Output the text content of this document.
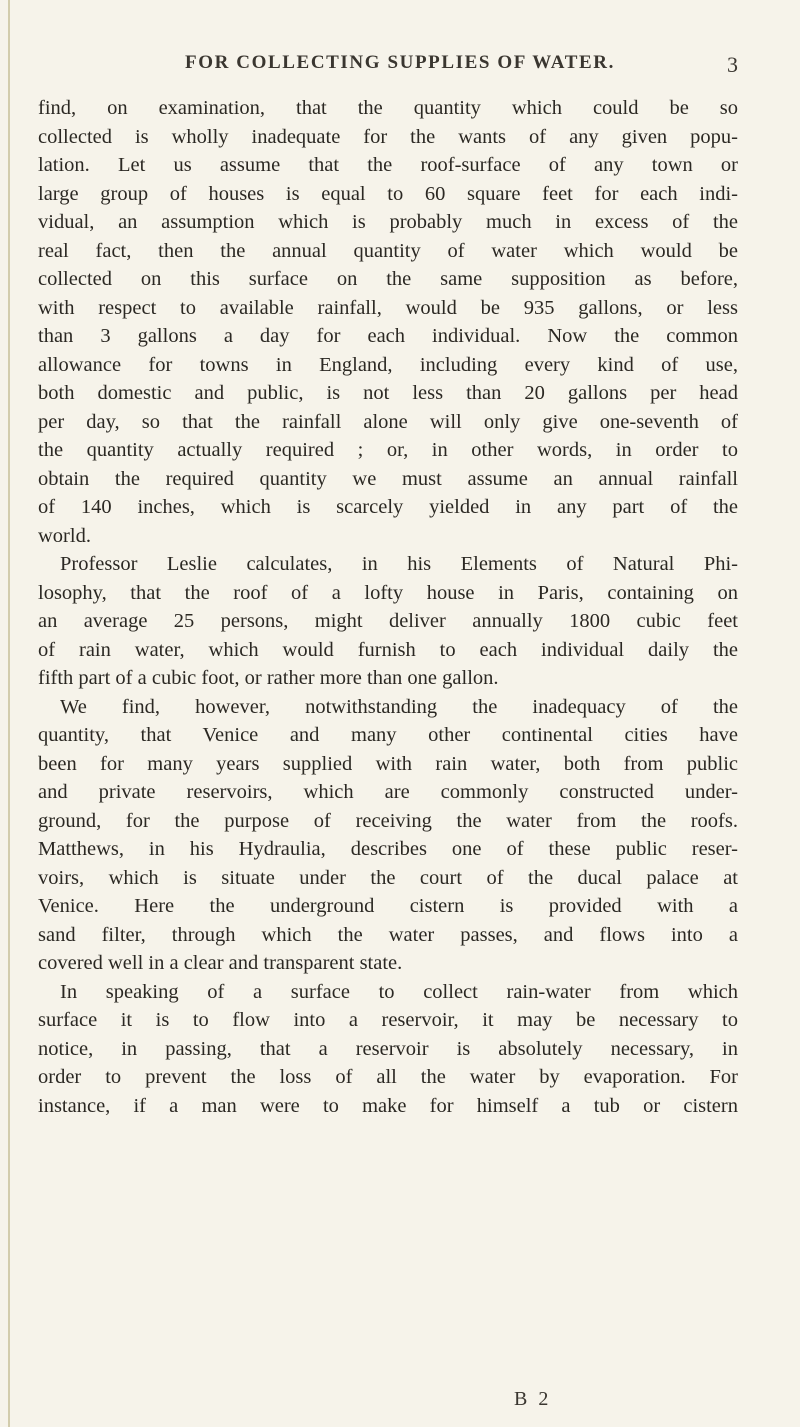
FOR COLLECTING SUPPLIES OF WATER.	3
find, on examination, that the quantity which could be so
collected is wholly inadequate for the wants of any given popu-
lation. Let us assume that the roof-surface of any town or
large group of houses is equal to 60 square feet for each indi-
vidual, an assumption which is probably much in excess of the
real fact, then the annual quantity of water which would be
collected on this surface on the same supposition as before,
with respect to available rainfall, would be 935 gallons, or less
than 3 gallons a day for each individual. Now the common
allowance for towns in England, including every kind of use,
both domestic and public, is not less than 20 gallons per head
per day, so that the rainfall alone will only give one-seventh of
the quantity actually required ; or, in other words, in order to
obtain the required quantity we must assume an annual rainfall
of 140 inches, which is scarcely yielded in any part of the
world.
Professor Leslie calculates, in his Elements of Natural Phi-
losophy, that the roof of a lofty house in Paris, containing on
an average 25 persons, might deliver annually 1800 cubic feet
of rain water, which would furnish to each individual daily the
fifth part of a cubic foot, or rather more than one gallon.
We find, however, notwithstanding the inadequacy of the
quantity, that Venice and many other continental cities have
been for many years supplied with rain water, both from public
and private reservoirs, which are commonly constructed under-
ground, for the purpose of receiving the water from the roofs.
Matthews, in his Hydraulia, describes one of these public reser-
voirs, which is situate under the court of the ducal palace at
Venice. Here the underground cistern is provided with a
sand filter, through which the water passes, and flows into a
covered well in a clear and transparent state.
In speaking of a surface to collect rain-water from which
surface it is to flow into a reservoir, it may be necessary to
notice, in passing, that a reservoir is absolutely necessary, in
order to prevent the loss of all the water by evaporation. For
instance, if a man were to make for himself a tub or cistern
B 2
